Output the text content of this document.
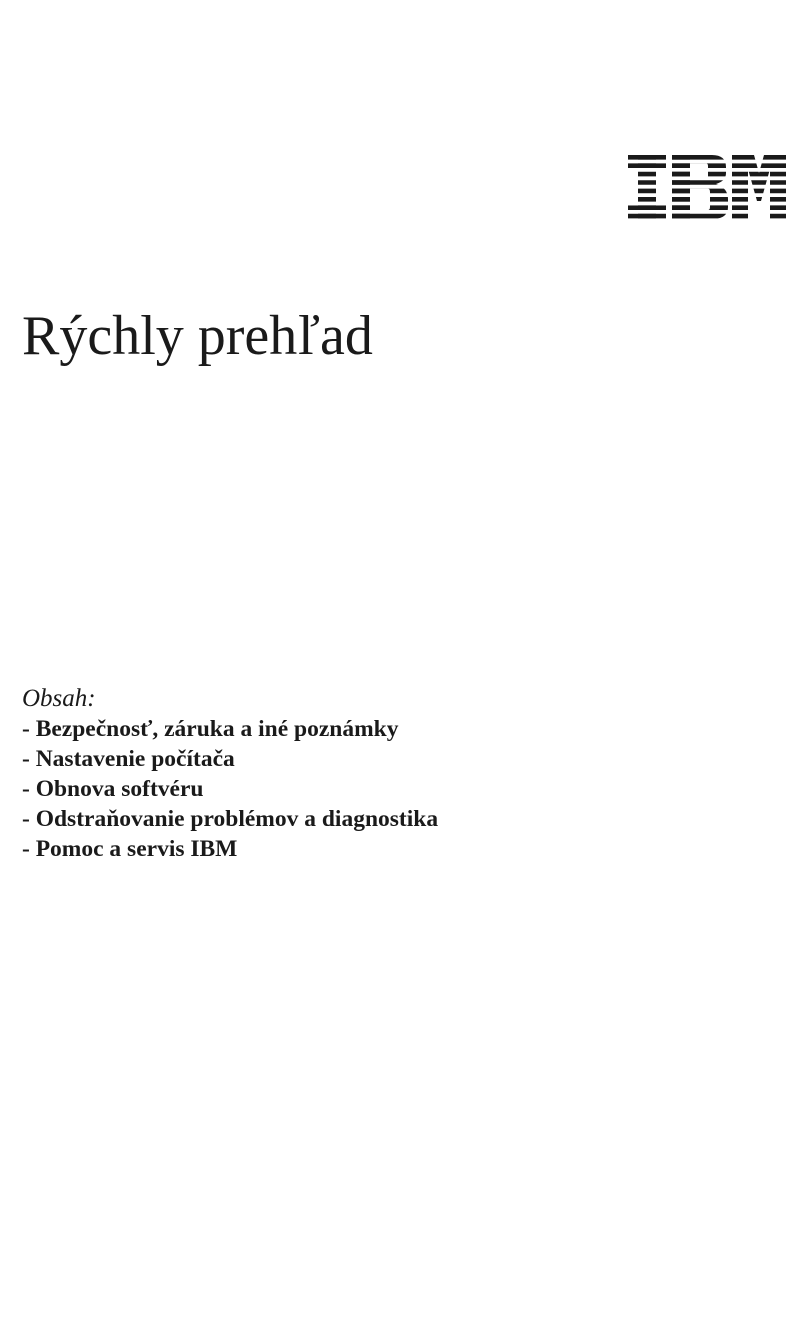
Rýchly prehľad

Obsah:

- Bezpečnosť, záruka a iné poznámky
- Nastavenie počítača
- Obnova softvéru
- Odstraňovanie problémov a diagnostika
- Pomoc a servis IBM
